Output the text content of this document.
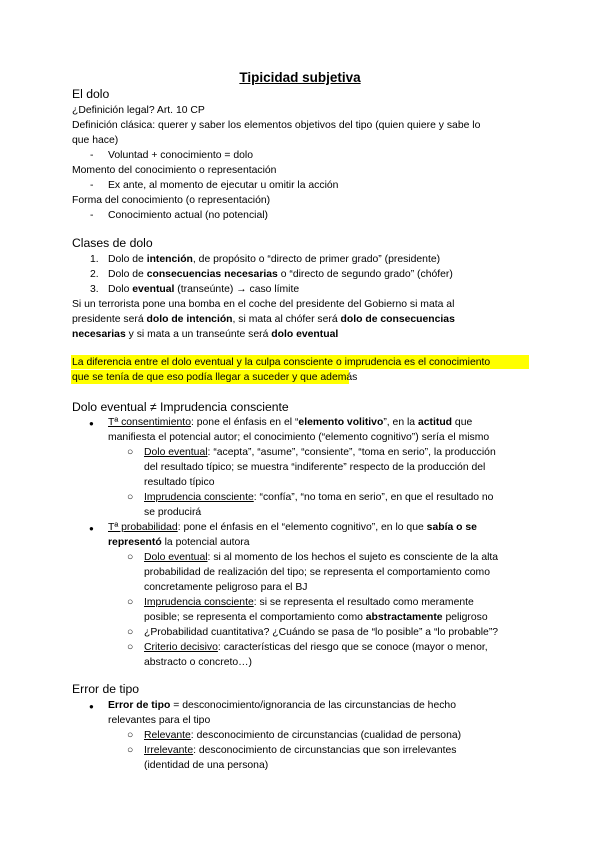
Tipicidad subjetiva
El dolo
¿Definición legal? Art. 10 CP
Definición clásica: querer y saber los elementos objetivos del tipo (quien quiere y sabe lo
que hace)
- Voluntad + conocimiento = dolo
Momento del conocimiento o representación
- Ex ante, al momento de ejecutar u omitir la acción
Forma del conocimiento (o representación)
- Conocimiento actual (no potencial)
Clases de dolo
1. Dolo de intención, de propósito o “directo de primer grado” (presidente)
2. Dolo de consecuencias necesarias o “directo de segundo grado” (chófer)
3. Dolo eventual (transeúnte) → caso límite
Si un terrorista pone una bomba en el coche del presidente del Gobierno si mata al
presidente será dolo de intención, si mata al chófer será dolo de consecuencias
necesarias y si mata a un transeúnte será dolo eventual
La diferencia entre el dolo eventual y la culpa consciente o imprudencia es el conocimiento
que se tenía de que eso podía llegar a suceder y que además
Dolo eventual ≠ Imprudencia consciente
● Tª consentimiento: pone el énfasis en el “elemento volitivo”, en la actitud que
manifiesta el potencial autor; el conocimiento (“elemento cognitivo”) sería el mismo
○ Dolo eventual: “acepta”, “asume”, “consiente”, “toma en serio”, la producción
del resultado típico; se muestra “indiferente” respecto de la producción del
resultado típico
○ Imprudencia consciente: “confía”, “no toma en serio”, en que el resultado no
se producirá
● Tª probabilidad: pone el énfasis en el “elemento cognitivo”, en lo que sabía o se
representó la potencial autora
○ Dolo eventual: si al momento de los hechos el sujeto es consciente de la alta
probabilidad de realización del tipo; se representa el comportamiento como
concretamente peligroso para el BJ
○ Imprudencia consciente: si se representa el resultado como meramente
posible; se representa el comportamiento como abstractamente peligroso
○ ¿Probabilidad cuantitativa? ¿Cuándo se pasa de “lo posible” a “lo probable”?
○ Criterio decisivo: características del riesgo que se conoce (mayor o menor,
abstracto o concreto…)
Error de tipo
● Error de tipo = desconocimiento/ignorancia de las circunstancias de hecho
relevantes para el tipo
○ Relevante: desconocimiento de circunstancias (cualidad de persona)
○ Irrelevante: desconocimiento de circunstancias que son irrelevantes
(identidad de una persona)
